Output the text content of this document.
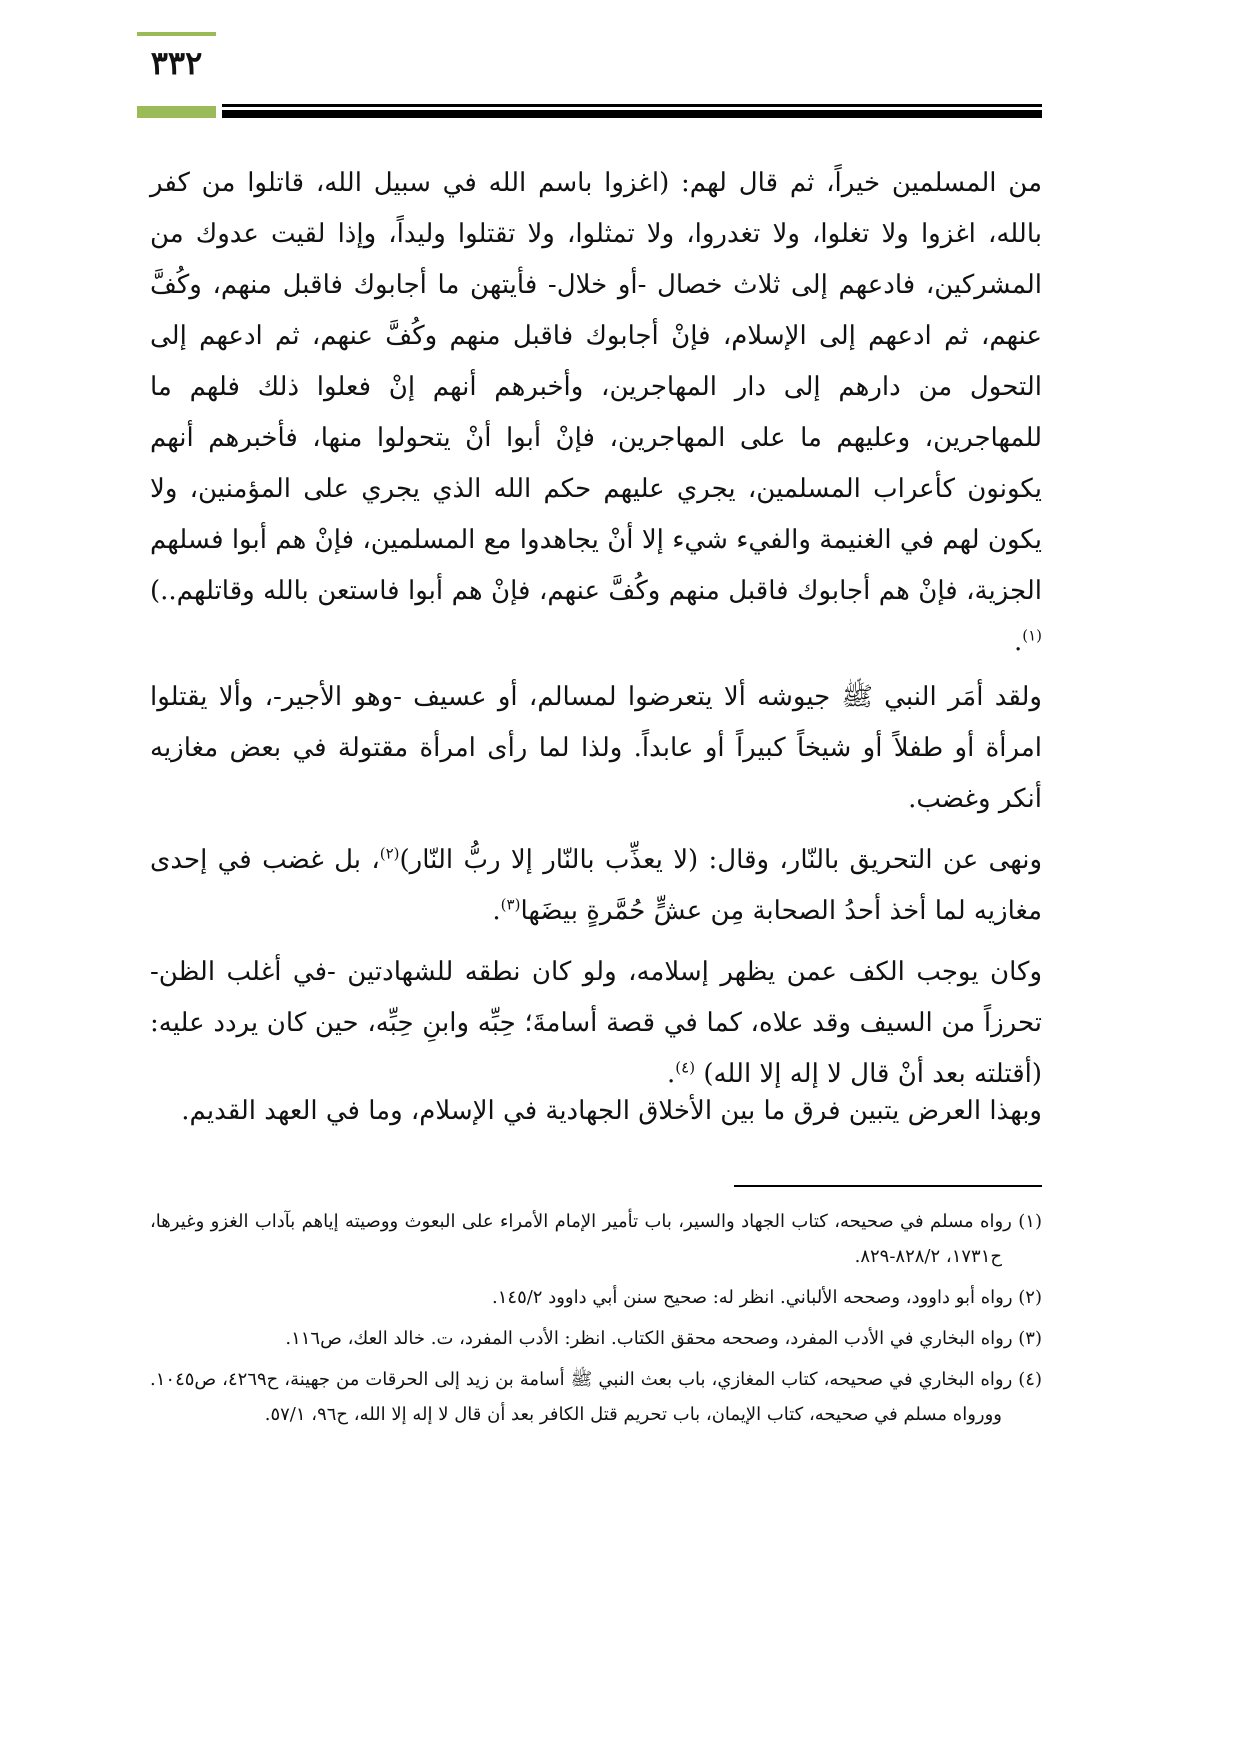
٣٣٢

من المسلمين خيراً، ثم قال لهم: (اغزوا باسم الله في سبيل الله، قاتلوا من كفر بالله، اغزوا ولا تغلوا، ولا تغدروا، ولا تمثلوا، ولا تقتلوا وليداً، وإذا لقيت عدوك من المشركين، فادعهم إلى ثلاث خصال -أو خلال- فأيتهن ما أجابوك فاقبل منهم، وكُفَّ عنهم، ثم ادعهم إلى الإسلام، فإنْ أجابوك فاقبل منهم وكُفَّ عنهم، ثم ادعهم إلى التحول من دارهم إلى دار المهاجرين، وأخبرهم أنهم إنْ فعلوا ذلك فلهم ما للمهاجرين، وعليهم ما على المهاجرين، فإنْ أبوا أنْ يتحولوا منها، فأخبرهم أنهم يكونون كأعراب المسلمين، يجري عليهم حكم الله الذي يجري على المؤمنين، ولا يكون لهم في الغنيمة والفيء شيء إلا أنْ يجاهدوا مع المسلمين، فإنْ هم أبوا فسلهم الجزية، فإنْ هم أجابوك فاقبل منهم وكُفَّ عنهم، فإنْ هم أبوا فاستعن بالله وقاتلهم..)$^{(١)}$.

ولقد أمَر النبي ﷺ جيوشه ألا يتعرضوا لمسالم، أو عسيف -وهو الأجير-، وألا يقتلوا امرأة أو طفلاً أو شيخاً كبيراً أو عابداً. ولذا لما رأى امرأة مقتولة في بعض مغازيه أنكر وغضب.

ونهى عن التحريق بالنّار، وقال: (لا يعذِّب بالنّار إلا ربُّ النّار)$^{(٢)}$، بل غضب في إحدى مغازيه لما أخذ أحدُ الصحابة مِن عشٍّ حُمَّرةٍ بيضَها$^{(٣)}$.

وكان يوجب الكف عمن يظهر إسلامه، ولو كان نطقه للشهادتين -في أغلب الظن- تحرزاً من السيف وقد علاه، كما في قصة أسامةَ؛ حِبِّه وابنِ حِبِّه، حين كان يردد عليه: (أقتلته بعد أنْ قال لا إله إلا الله) $^{(٤)}$.

وبهذا العرض يتبين فرق ما بين الأخلاق الجهادية في الإسلام، وما في العهد القديم.

(١) رواه مسلم في صحيحه، كتاب الجهاد والسير، باب تأمير الإمام الأمراء على البعوث ووصيته إياهم بآداب الغزو وغيرها، ح١٧٣١، ٨٢٨/٢-٨٢٩.
(٢) رواه أبو داوود، وصححه الألباني. انظر له: صحيح سنن أبي داوود ١٤٥/٢.
(٣) رواه البخاري في الأدب المفرد، وصححه محقق الكتاب. انظر: الأدب المفرد، ت. خالد العك، ص١١٦.
(٤) رواه البخاري في صحيحه، كتاب المغازي، باب بعث النبي ﷺ أسامة بن زيد إلى الحرقات من جهينة، ح٤٢٦٩، ص١٠٤٥. وورواه مسلم في صحيحه، كتاب الإيمان، باب تحريم قتل الكافر بعد أن قال لا إله إلا الله، ح٩٦، ٥٧/١.
